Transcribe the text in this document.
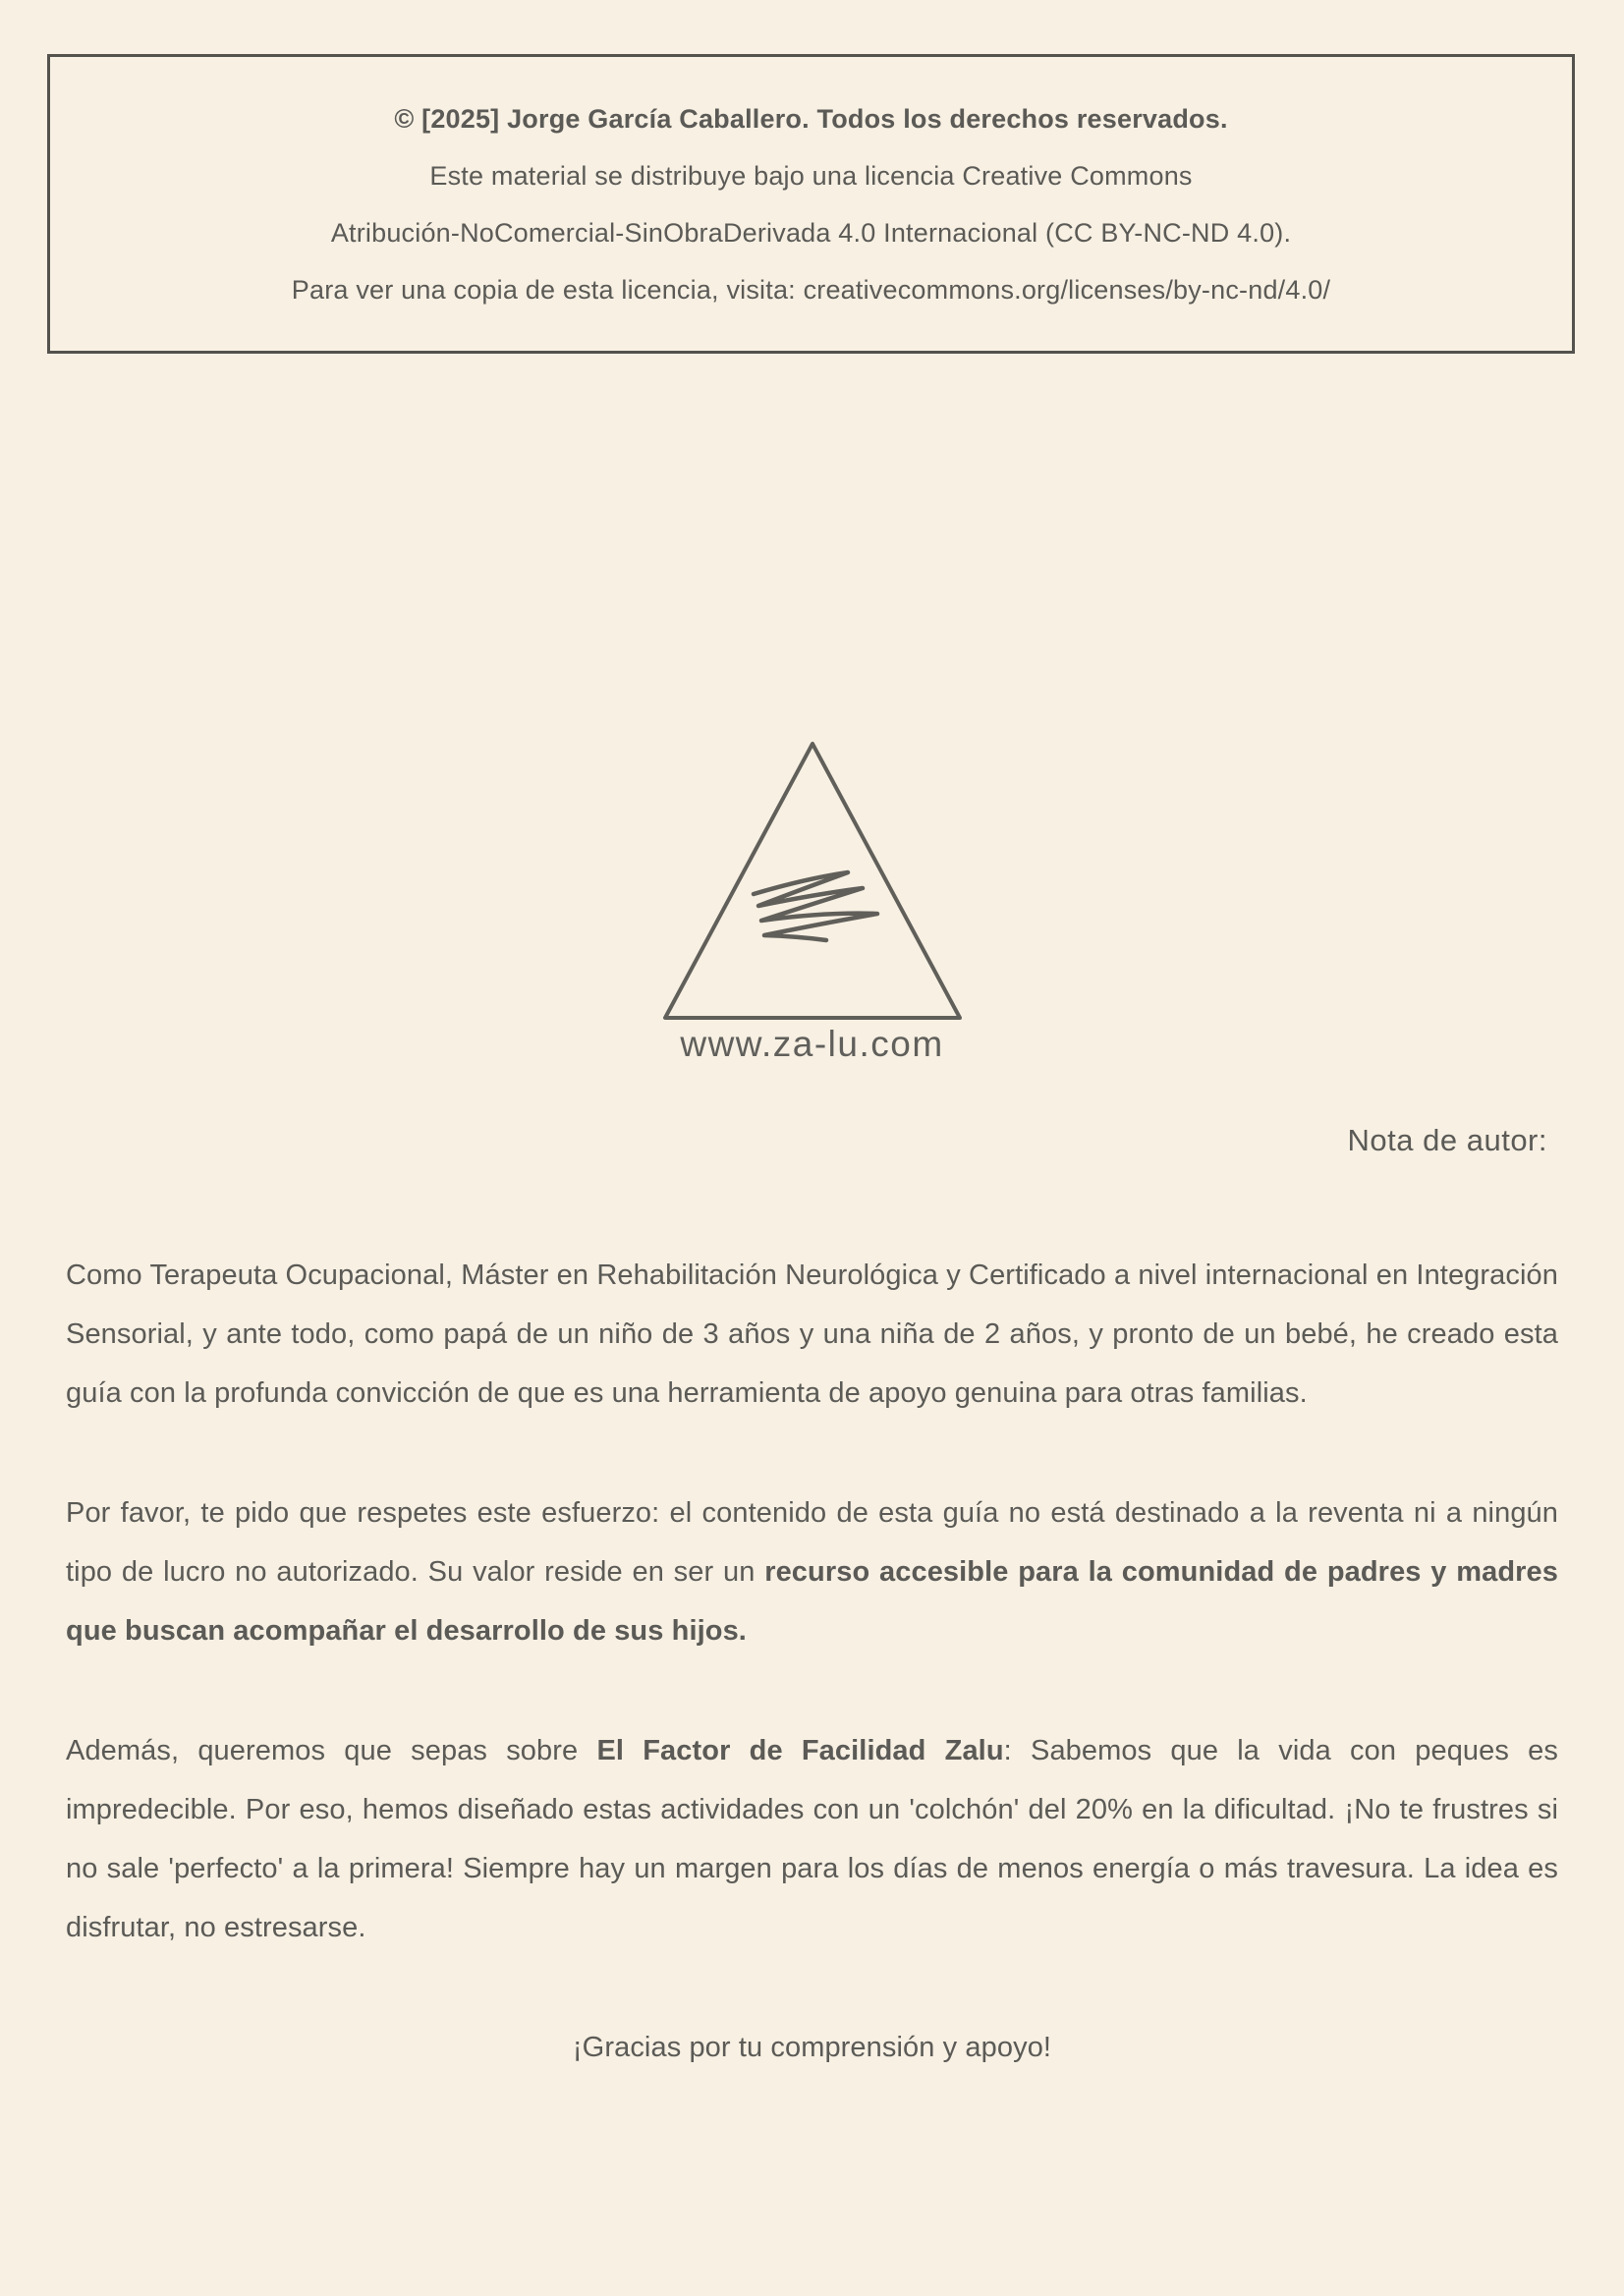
© [2025] Jorge García Caballero. Todos los derechos reservados.

Este material se distribuye bajo una licencia Creative Commons

Atribución-NoComercial-SinObraDerivada 4.0 Internacional (CC BY-NC-ND 4.0).

Para ver una copia de esta licencia, visita: creativecommons.org/licenses/by-nc-nd/4.0/

www.za-lu.com
Nota de autor:

Como Terapeuta Ocupacional, Máster en Rehabilitación Neurológica y Certificado a nivel internacional en Integración Sensorial, y ante todo, como papá de un niño de 3 años y una niña de 2 años, y pronto de un bebé, he creado esta guía con la profunda convicción de que es una herramienta de apoyo genuina para otras familias.

Por favor, te pido que respetes este esfuerzo: el contenido de esta guía no está destinado a la reventa ni a ningún tipo de lucro no autorizado. Su valor reside en ser un recurso accesible para la comunidad de padres y madres que buscan acompañar el desarrollo de sus hijos.

Además, queremos que sepas sobre El Factor de Facilidad Zalu: Sabemos que la vida con peques es impredecible. Por eso, hemos diseñado estas actividades con un 'colchón' del 20% en la dificultad. ¡No te frustres si no sale 'perfecto' a la primera! Siempre hay un margen para los días de menos energía o más travesura. La idea es disfrutar, no estresarse.

¡Gracias por tu comprensión y apoyo!
